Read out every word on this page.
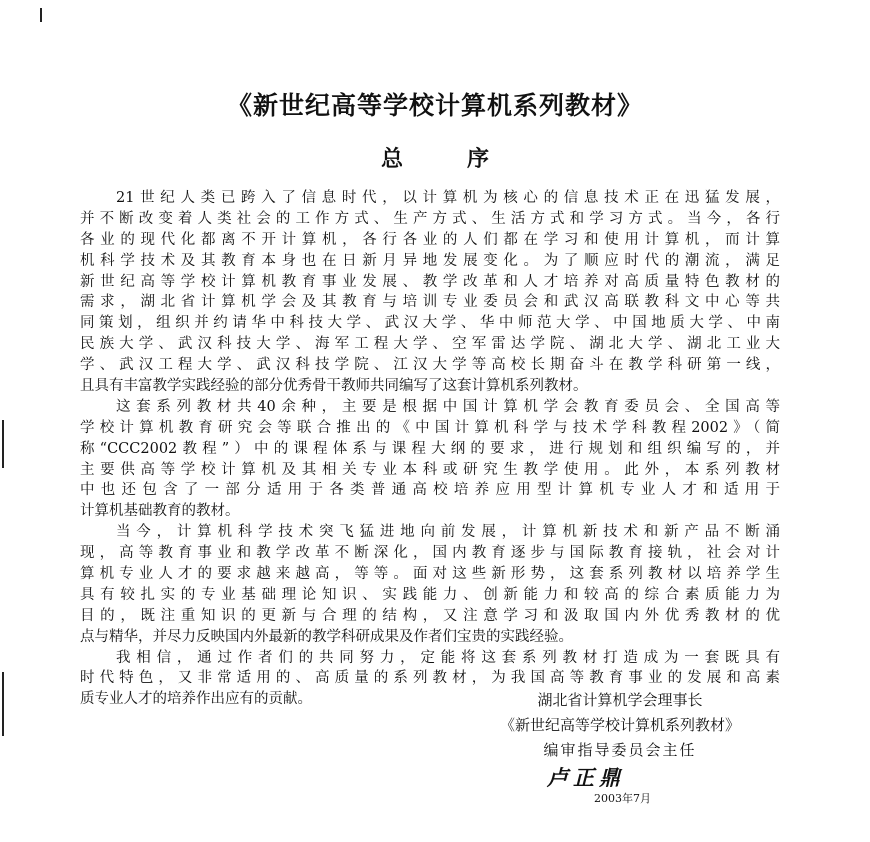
《新世纪高等学校计算机系列教材》
总	序
21世纪人类已跨入了信息时代，以计算机为核心的信息技术正在迅猛发展，
并不断改变着人类社会的工作方式、生产方式、生活方式和学习方式。当今，各行
各业的现代化都离不开计算机，各行各业的人们都在学习和使用计算机，而计算
机科学技术及其教育本身也在日新月异地发展变化。为了顺应时代的潮流，满足
新世纪高等学校计算机教育事业发展、教学改革和人才培养对高质量特色教材的
需求，湖北省计算机学会及其教育与培训专业委员会和武汉高联教科文中心等共
同策划，组织并约请华中科技大学、武汉大学、华中师范大学、中国地质大学、中南
民族大学、武汉科技大学、海军工程大学、空军雷达学院、湖北大学、湖北工业大
学、武汉工程大学、武汉科技学院、江汉大学等高校长期奋斗在教学科研第一线，
且具有丰富教学实践经验的部分优秀骨干教师共同编写了这套计算机系列教材。
这套系列教材共40余种，主要是根据中国计算机学会教育委员会、全国高等
学校计算机教育研究会等联合推出的《中国计算机科学与技术学科教程2002》（简
称“CCC2002教程”）中的课程体系与课程大纲的要求，进行规划和组织编写的，并
主要供高等学校计算机及其相关专业本科或研究生教学使用。此外，本系列教材
中也还包含了一部分适用于各类普通高校培养应用型计算机专业人才和适用于
计算机基础教育的教材。
当今，计算机科学技术突飞猛进地向前发展，计算机新技术和新产品不断涌
现，高等教育事业和教学改革不断深化，国内教育逐步与国际教育接轨，社会对计
算机专业人才的要求越来越高，等等。面对这些新形势，这套系列教材以培养学生
具有较扎实的专业基础理论知识、实践能力、创新能力和较高的综合素质能力为
目的，既注重知识的更新与合理的结构，又注意学习和汲取国内外优秀教材的优
点与精华，并尽力反映国内外最新的教学科研成果及作者们宝贵的实践经验。
我相信，通过作者们的共同努力，定能将这套系列教材打造成为一套既具有
时代特色，又非常适用的、高质量的系列教材，为我国高等教育事业的发展和高素
质专业人才的培养作出应有的贡献。	湖北省计算机学会理事长
《新世纪高等学校计算机系列教材》
编审指导委员会主任
卢正鼎
2003年7月
